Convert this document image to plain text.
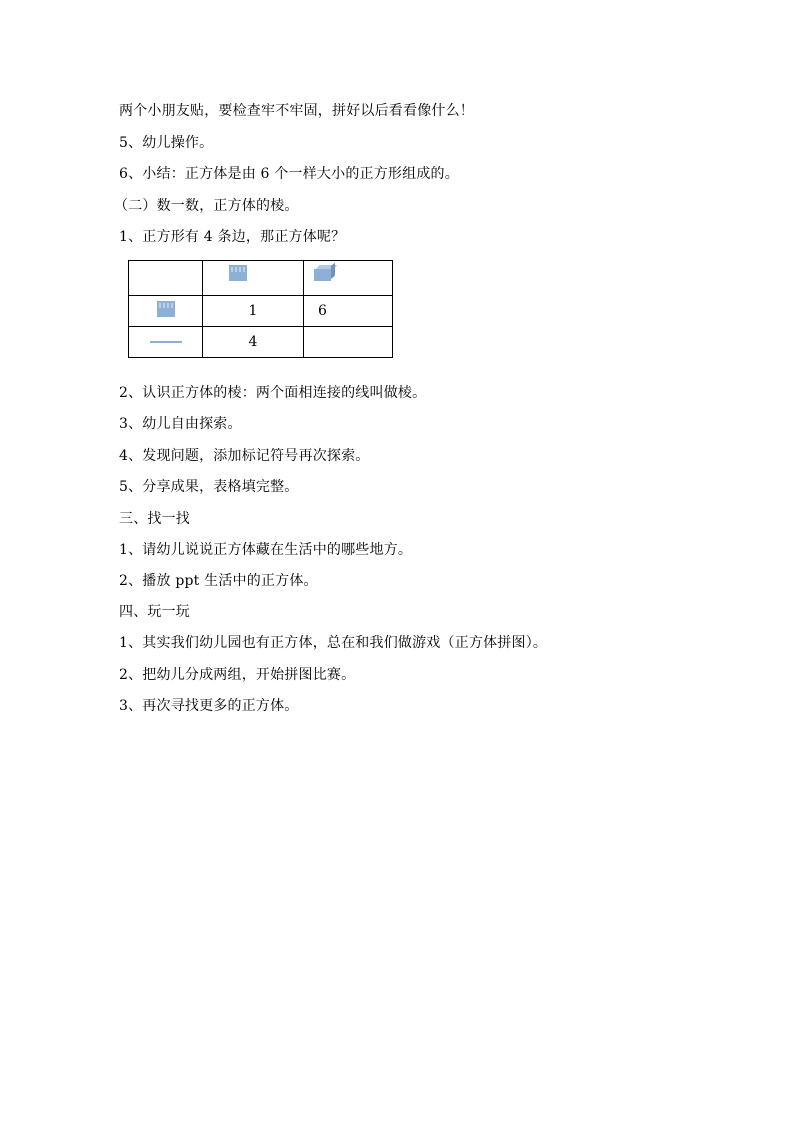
两个小朋友贴，要检查牢不牢固，拼好以后看看像什么！
5、幼儿操作。
6、小结：正方体是由 6 个一样大小的正方形组成的。
（二）数一数，正方体的棱。
1、正方形有 4 条边，那正方体呢？

	1	6
	4	
2、认识正方体的棱：两个面相连接的线叫做棱。
3、幼儿自由探索。
4、发现问题，添加标记符号再次探索。
5、分享成果，表格填完整。
三、找一找
1、请幼儿说说正方体藏在生活中的哪些地方。
2、播放 ppt 生活中的正方体。
四、玩一玩
1、其实我们幼儿园也有正方体，总在和我们做游戏（正方体拼图）。
2、把幼儿分成两组，开始拼图比赛。
3、再次寻找更多的正方体。
